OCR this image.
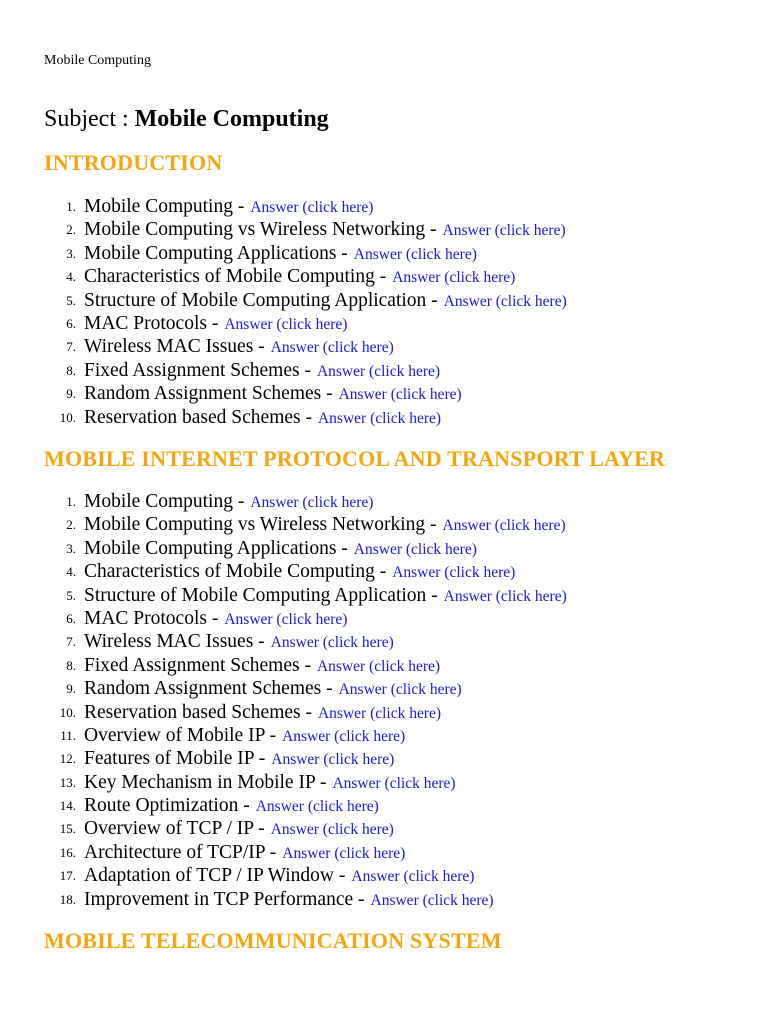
Mobile Computing
Subject : Mobile Computing
INTRODUCTION
1. Mobile Computing - Answer (click here)
2. Mobile Computing vs Wireless Networking - Answer (click here)
3. Mobile Computing Applications - Answer (click here)
4. Characteristics of Mobile Computing - Answer (click here)
5. Structure of Mobile Computing Application - Answer (click here)
6. MAC Protocols - Answer (click here)
7. Wireless MAC Issues - Answer (click here)
8. Fixed Assignment Schemes - Answer (click here)
9. Random Assignment Schemes - Answer (click here)
10. Reservation based Schemes - Answer (click here)
MOBILE INTERNET PROTOCOL AND TRANSPORT LAYER
1. Mobile Computing - Answer (click here)
2. Mobile Computing vs Wireless Networking - Answer (click here)
3. Mobile Computing Applications - Answer (click here)
4. Characteristics of Mobile Computing - Answer (click here)
5. Structure of Mobile Computing Application - Answer (click here)
6. MAC Protocols - Answer (click here)
7. Wireless MAC Issues - Answer (click here)
8. Fixed Assignment Schemes - Answer (click here)
9. Random Assignment Schemes - Answer (click here)
10. Reservation based Schemes - Answer (click here)
11. Overview of Mobile IP - Answer (click here)
12. Features of Mobile IP - Answer (click here)
13. Key Mechanism in Mobile IP - Answer (click here)
14. Route Optimization - Answer (click here)
15. Overview of TCP / IP - Answer (click here)
16. Architecture of TCP/IP - Answer (click here)
17. Adaptation of TCP / IP Window - Answer (click here)
18. Improvement in TCP Performance - Answer (click here)
MOBILE TELECOMMUNICATION SYSTEM
